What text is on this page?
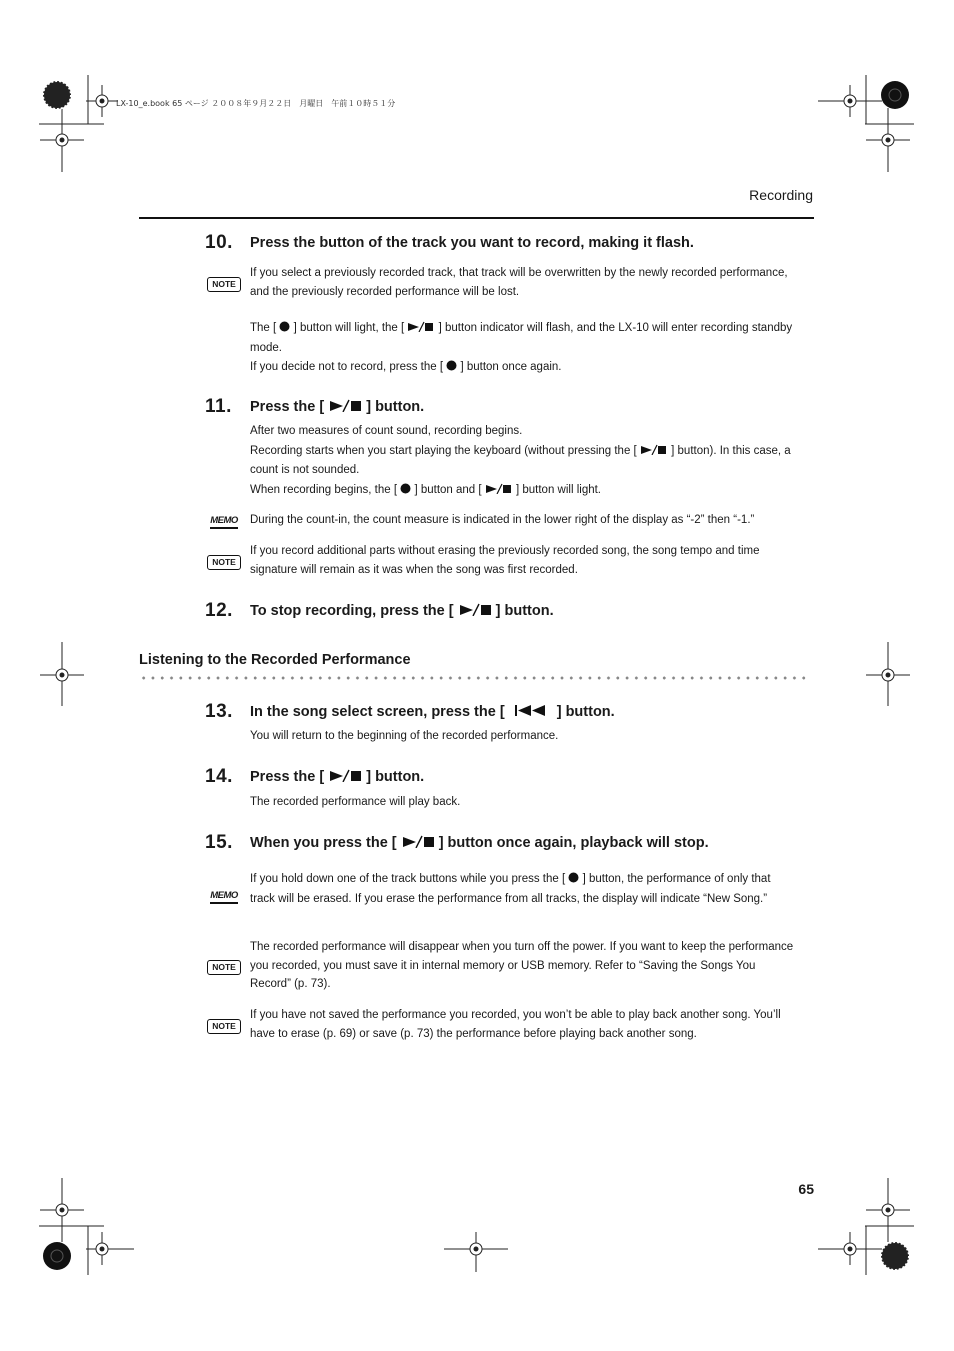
LX-10_e.book 65 ページ ２００８年９月２２日　月曜日　午前１０時５１分
Recording
10. Press the button of the track you want to record, making it flash.
NOTE

If you select a previously recorded track, that track will be overwritten by the newly recorded performance, and the previously recorded performance will be lost.

The [ ] button will light, the [	] button indicator will flash, and the LX-10 will enter recording standby mode.

If you decide not to record, press the [ ] button once again.

11. Press the [	] button.

After two measures of count sound, recording begins.

Recording starts when you start playing the keyboard (without pressing the [	] button). In this case, a count is not sounded.

When recording begins, the [ ] button and [	] button will light.

MEMO During the count-in, the count measure is indicated in the lower right of the display as “-2” then “-1.”

NOTE

If you record additional parts without erasing the previously recorded song, the song tempo and time signature will remain as it was when the song was first recorded.

12. To stop recording, press the [	] button.
Listening to the Recorded Performance
13. In the song select screen, press the [	] button.

You will return to the beginning of the recorded performance.

14. Press the [	] button.

The recorded performance will play back.

15. When you press the [	] button once again, playback will stop.
MEMO

If you hold down one of the track buttons while you press the [ ] button, the performance of only that track will be erased. If you erase the performance from all tracks, the display will indicate “New Song.”

NOTE

The recorded performance will disappear when you turn off the power. If you want to keep the performance you recorded, you must save it in internal memory or USB memory. Refer to “Saving the Songs You Record” (p. 73).

NOTE

If you have not saved the performance you recorded, you won’t be able to play back another song. You’ll have to erase (p. 69) or save (p. 73) the performance before playing back another song.

65
